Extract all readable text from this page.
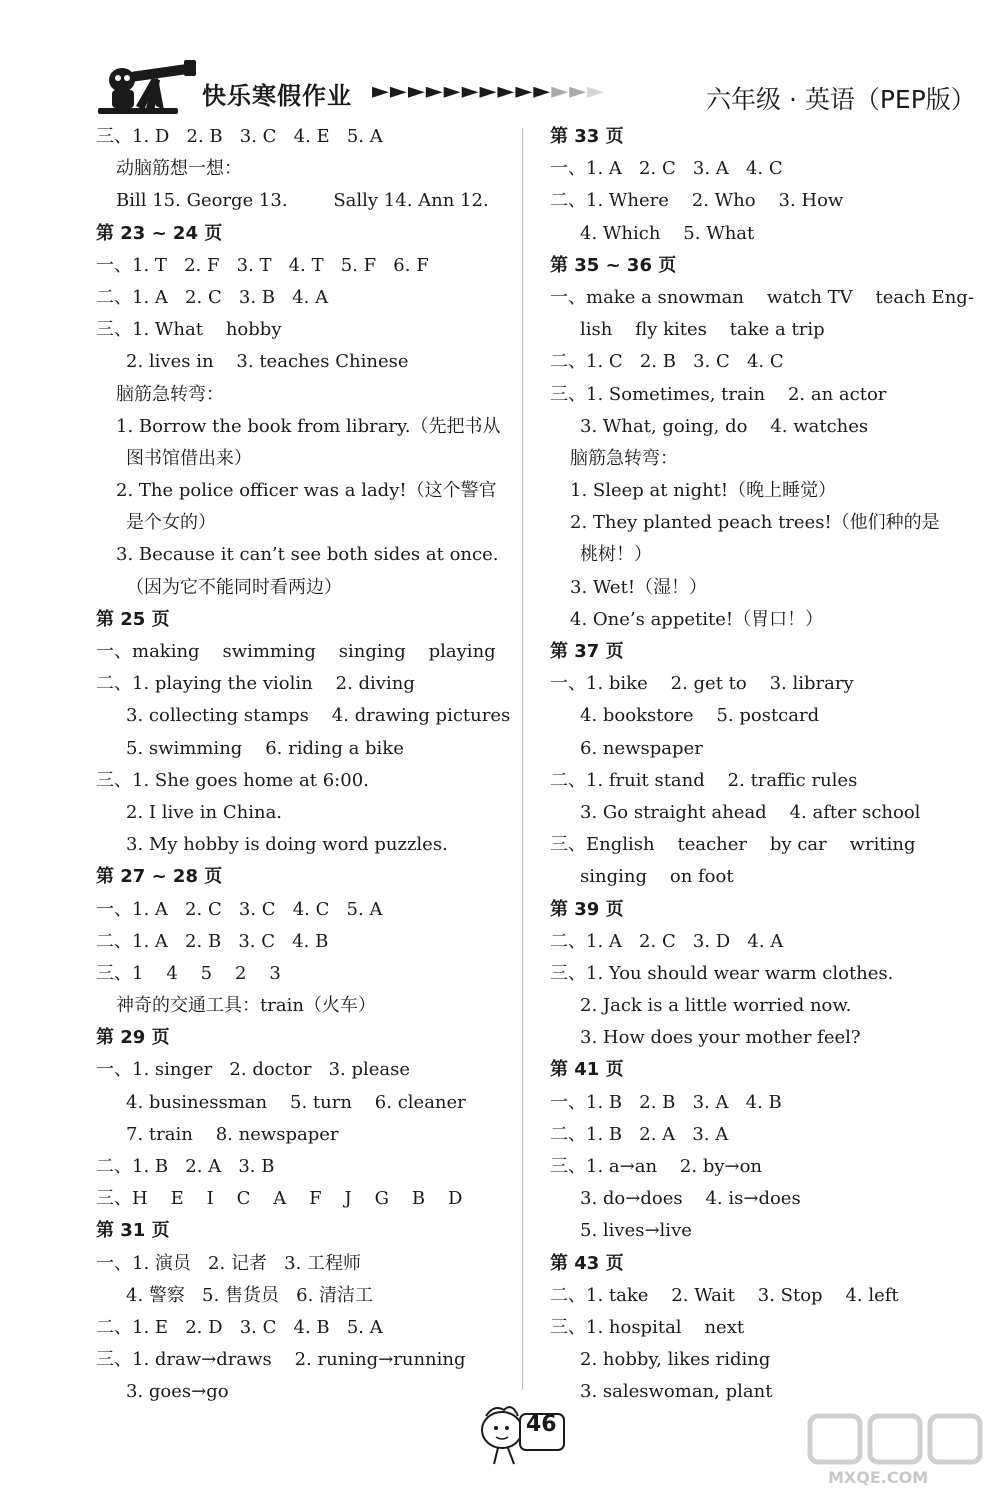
快乐寒假作业 ►►►►►►►►►►►►►	六年级 · 英语（PEP版）
三、1. D   2. B   3. C   4. E   5. A
动脑筋想一想：
Bill 15. George 13.        Sally 14. Ann 12.
第 23 ~ 24 页
一、1. T   2. F   3. T   4. T   5. F   6. F
二、1. A   2. C   3. B   4. A
三、1. What    hobby
2. lives in    3. teaches Chinese
脑筋急转弯：
1. Borrow the book from library.（先把书从
图书馆借出来）
2. The police officer was a lady!（这个警官
是个女的）
3. Because it can’t see both sides at once.
（因为它不能同时看两边）
第 25 页
一、making    swimming    singing    playing
二、1. playing the violin    2. diving
3. collecting stamps    4. drawing pictures
5. swimming    6. riding a bike
三、1. She goes home at 6:00.
2. I live in China.
3. My hobby is doing word puzzles.
第 27 ~ 28 页
一、1. A   2. C   3. C   4. C   5. A
二、1. A   2. B   3. C   4. B
三、1    4    5    2    3
神奇的交通工具：train（火车）
第 29 页
一、1. singer   2. doctor   3. please
4. businessman    5. turn    6. cleaner
7. train    8. newspaper
二、1. B   2. A   3. B
三、H    E    I    C    A    F    J    G    B    D
第 31 页
一、1. 演员   2. 记者   3. 工程师
4. 警察   5. 售货员   6. 清洁工
二、1. E   2. D   3. C   4. B   5. A
三、1. draw→draws    2. runing→running
3. goes→go
第 33 页
一、1. A   2. C   3. A   4. C
二、1. Where    2. Who    3. How
4. Which    5. What
第 35 ~ 36 页
一、make a snowman    watch TV    teach Eng-
lish    fly kites    take a trip
二、1. C   2. B   3. C   4. C
三、1. Sometimes, train    2. an actor
3. What, going, do    4. watches
脑筋急转弯：
1. Sleep at night!（晚上睡觉）
2. They planted peach trees!（他们种的是
桃树！）
3. Wet!（湿！）
4. One’s appetite!（胃口！）
第 37 页
一、1. bike    2. get to    3. library
4. bookstore    5. postcard
6. newspaper
二、1. fruit stand    2. traffic rules
3. Go straight ahead    4. after school
三、English    teacher    by car    writing
singing    on foot
第 39 页
二、1. A   2. C   3. D   4. A
三、1. You should wear warm clothes.
2. Jack is a little worried now.
3. How does your mother feel?
第 41 页
一、1. B   2. B   3. A   4. B
二、1. B   2. A   3. A
三、1. a→an    2. by→on
3. do→does    4. is→does
5. lives→live
第 43 页
二、1. take    2. Wait    3. Stop    4. left
三、1. hospital    next
2. hobby, likes riding
3. saleswoman, plant
46
MXQE.COM
